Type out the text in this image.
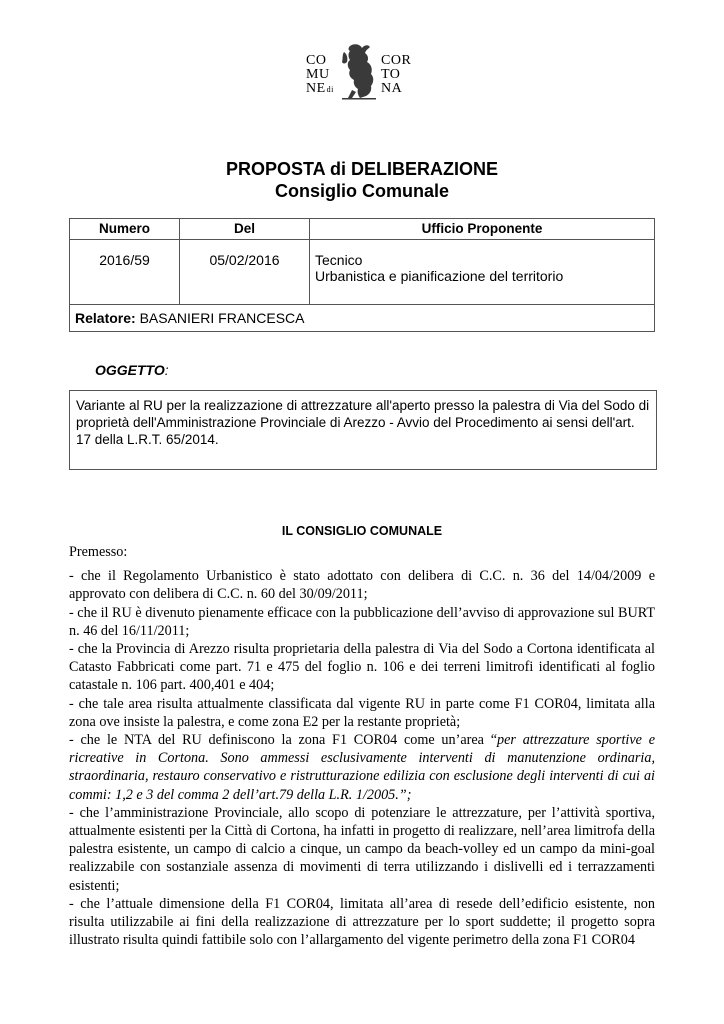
CO
MU
NEdi
COR
TO
NA
PROPOSTA di DELIBERAZIONE
Consiglio Comunale
Numero	Del	Ufficio Proponente
2016/59	05/02/2016	Tecnico
Urbanistica e pianificazione del territorio

Relatore: BASANIERI FRANCESCA		
OGGETTO:
Variante al RU per la realizzazione di attrezzature all'aperto presso la palestra di Via del Sodo di proprietà dell'Amministrazione Provinciale di Arezzo - Avvio del Procedimento ai sensi dell'art. 17 della L.R.T. 65/2014.
IL CONSIGLIO COMUNALE

Premesso:

- che il Regolamento Urbanistico è stato adottato con delibera di C.C. n. 36 del 14/04/2009 e approvato con delibera di C.C. n. 60 del 30/09/2011;

- che il RU è divenuto pienamente efficace con la pubblicazione dell’avviso di approvazione sul BURT n. 46 del 16/11/2011;

- che la Provincia di Arezzo risulta proprietaria della palestra di Via del Sodo a Cortona identificata al Catasto Fabbricati come part. 71 e 475 del foglio n. 106 e dei terreni limitrofi identificati al foglio catastale n. 106 part. 400,401 e 404;

- che tale area risulta attualmente classificata dal vigente RU in parte come F1 COR04, limitata alla zona ove insiste la palestra, e come zona E2 per la restante proprietà;

- che le NTA del RU definiscono la zona F1 COR04 come un’area “per attrezzature sportive e ricreative in Cortona. Sono ammessi esclusivamente interventi di manutenzione ordinaria, straordinaria, restauro conservativo e ristrutturazione edilizia con esclusione degli interventi di cui ai commi: 1,2 e 3 del comma 2 dell’art.79 della L.R. 1/2005.”;

- che l’amministrazione Provinciale, allo scopo di potenziare le attrezzature, per l’attività sportiva, attualmente esistenti per la Città di Cortona, ha infatti in progetto di realizzare, nell’area limitrofa della palestra esistente, un campo di calcio a cinque, un campo da beach-volley ed un campo da mini-goal realizzabile con sostanziale assenza di movimenti di terra utilizzando i dislivelli ed i terrazzamenti esistenti;

- che l’attuale dimensione della F1 COR04, limitata all’area di resede dell’edificio esistente, non risulta utilizzabile ai fini della realizzazione di attrezzature per lo sport suddette; il progetto sopra illustrato risulta quindi fattibile solo con l’allargamento del vigente perimetro della zona F1 COR04
